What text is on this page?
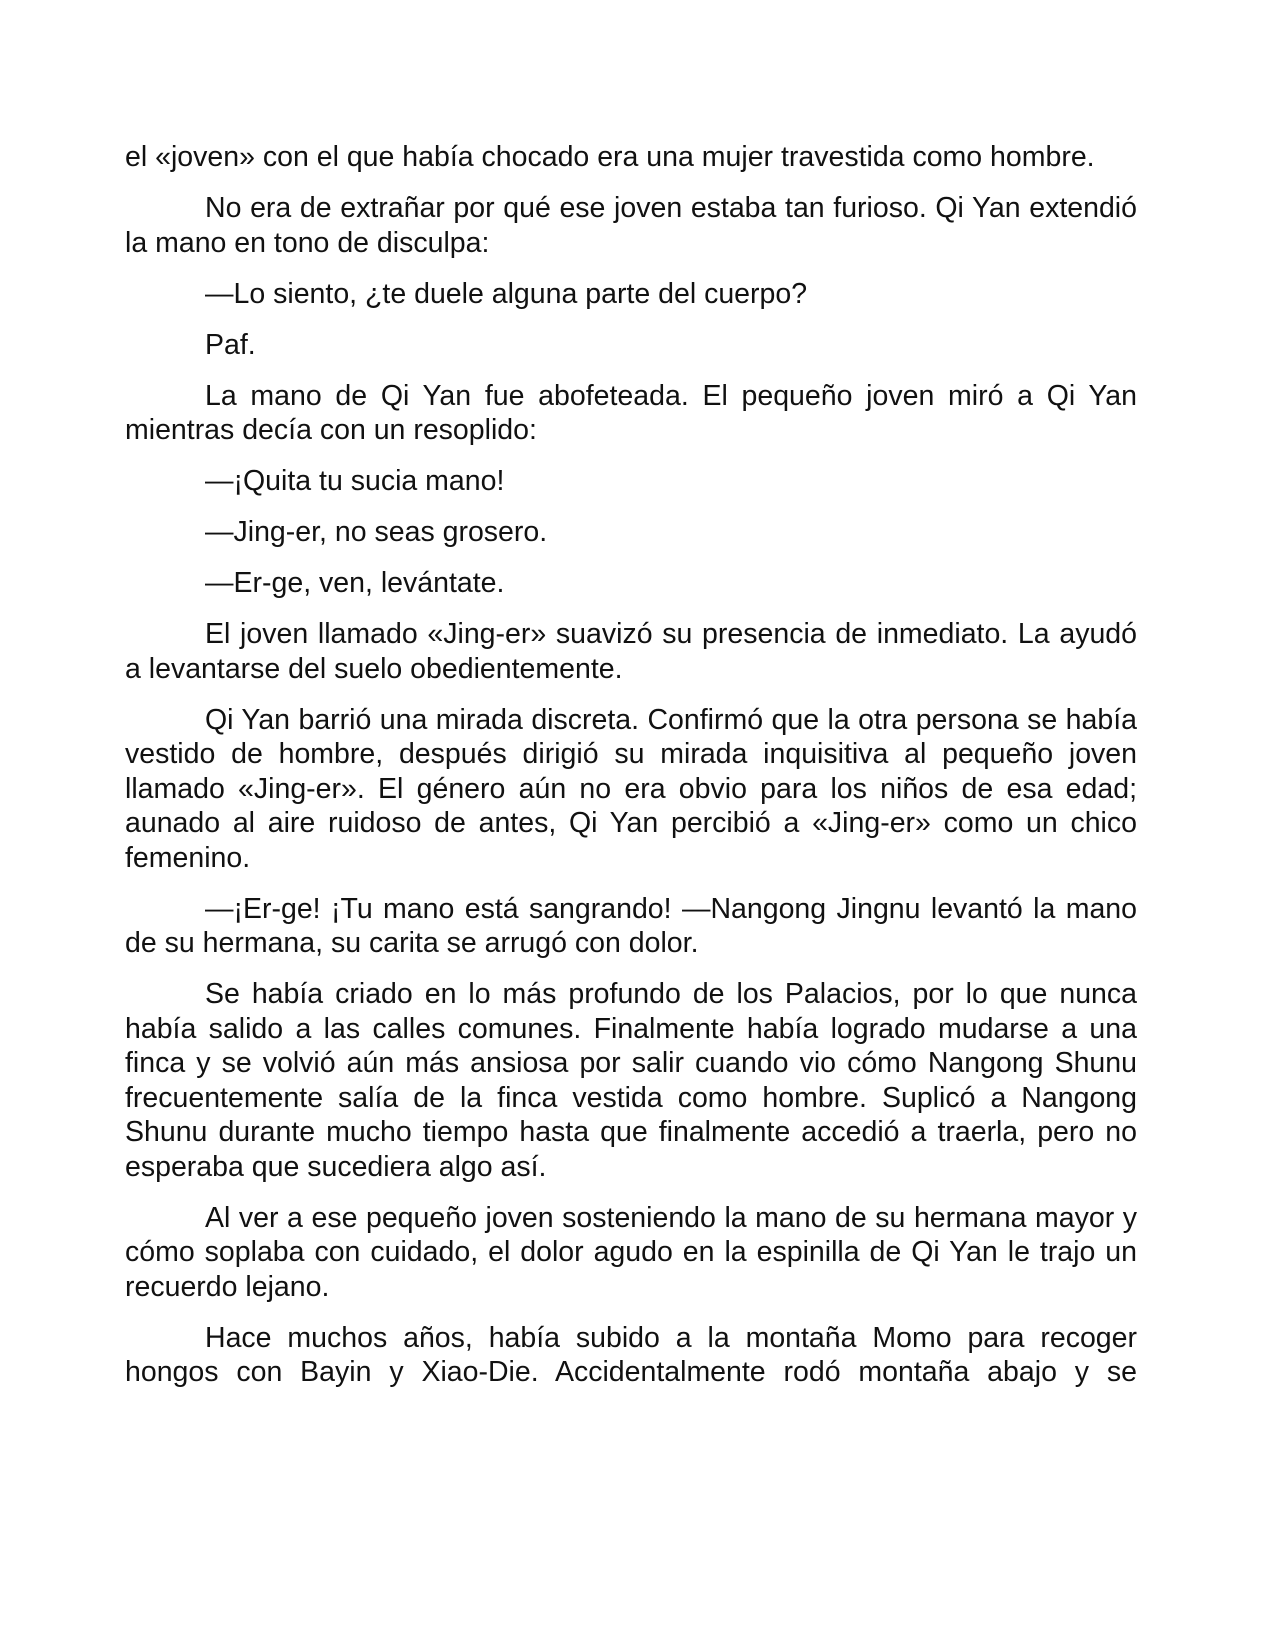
el «joven» con el que había chocado era una mujer travestida como hombre.

No era de extrañar por qué ese joven estaba tan furioso. Qi Yan extendió la mano en tono de disculpa:

—Lo siento, ¿te duele alguna parte del cuerpo?

Paf.

La mano de Qi Yan fue abofeteada. El pequeño joven miró a Qi Yan mientras decía con un resoplido:

—¡Quita tu sucia mano!

—Jing-er, no seas grosero.

—Er-ge, ven, levántate.

El joven llamado «Jing-er» suavizó su presencia de inmediato. La ayudó a levantarse del suelo obedientemente.

Qi Yan barrió una mirada discreta. Confirmó que la otra persona se había vestido de hombre, después dirigió su mirada inquisitiva al pequeño joven llamado «Jing-er». El género aún no era obvio para los niños de esa edad; aunado al aire ruidoso de antes, Qi Yan percibió a «Jing-er» como un chico femenino.

—¡Er-ge! ¡Tu mano está sangrando! —Nangong Jingnu levantó la mano de su hermana, su carita se arrugó con dolor.

Se había criado en lo más profundo de los Palacios, por lo que nunca había salido a las calles comunes. Finalmente había logrado mudarse a una finca y se volvió aún más ansiosa por salir cuando vio cómo Nangong Shunu frecuentemente salía de la finca vestida como hombre. Suplicó a Nangong Shunu durante mucho tiempo hasta que finalmente accedió a traerla, pero no esperaba que sucediera algo así.

Al ver a ese pequeño joven sosteniendo la mano de su hermana mayor y cómo soplaba con cuidado, el dolor agudo en la espinilla de Qi Yan le trajo un recuerdo lejano.

Hace muchos años, había subido a la montaña Momo para recoger hongos con Bayin y Xiao-Die. Accidentalmente rodó montaña abajo y se
